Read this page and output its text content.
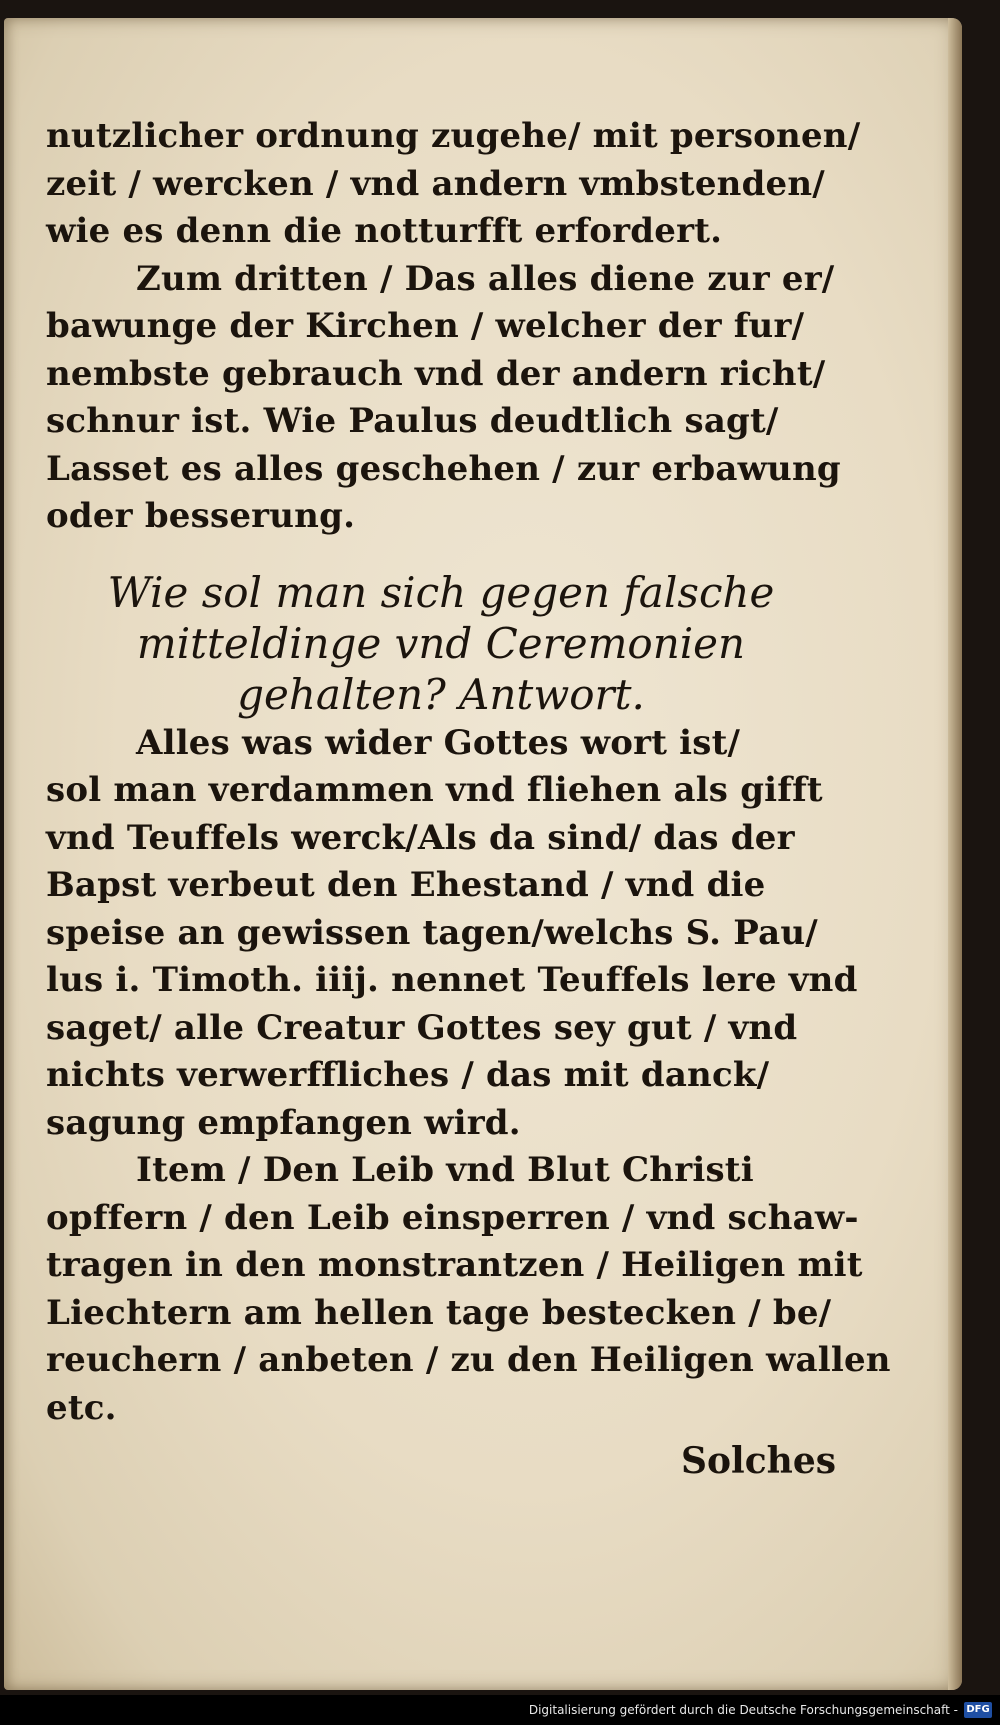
nutzlicher ordnung zugehe/ mit personen/
zeit / wercken / vnd andern vmbstenden/
wie es denn die notturfft erfordert.
Zum dritten / Das alles diene zur er/
bawunge der Kirchen / welcher der fur/
nembste gebrauch vnd der andern richt/
schnur ist. Wie Paulus deudtlich sagt/
Lasset es alles geschehen / zur erbawung
oder besserung.
Wie sol man sich gegen falsche
mitteldinge vnd Ceremonien
gehalten? Antwort.
Alles was wider Gottes wort ist/
sol man verdammen vnd fliehen als gifft
vnd Teuffels werck/Als da sind/ das der
Bapst verbeut den Ehestand / vnd die
speise an gewissen tagen/welchs S. Pau/
lus i. Timoth. iiij. nennet Teuffels lere vnd
saget/ alle Creatur Gottes sey gut / vnd
nichts verwerffliches / das mit danck/
sagung empfangen wird.
Item / Den Leib vnd Blut Christi
opffern / den Leib einsperren / vnd schaw-
tragen in den monstrantzen / Heiligen mit
Liechtern am hellen tage bestecken / be/
reuchern / anbeten / zu den Heiligen wallen
etc.
Solches
Digitalisierung gefördert durch die Deutsche Forschungsgemeinschaft - DFG
